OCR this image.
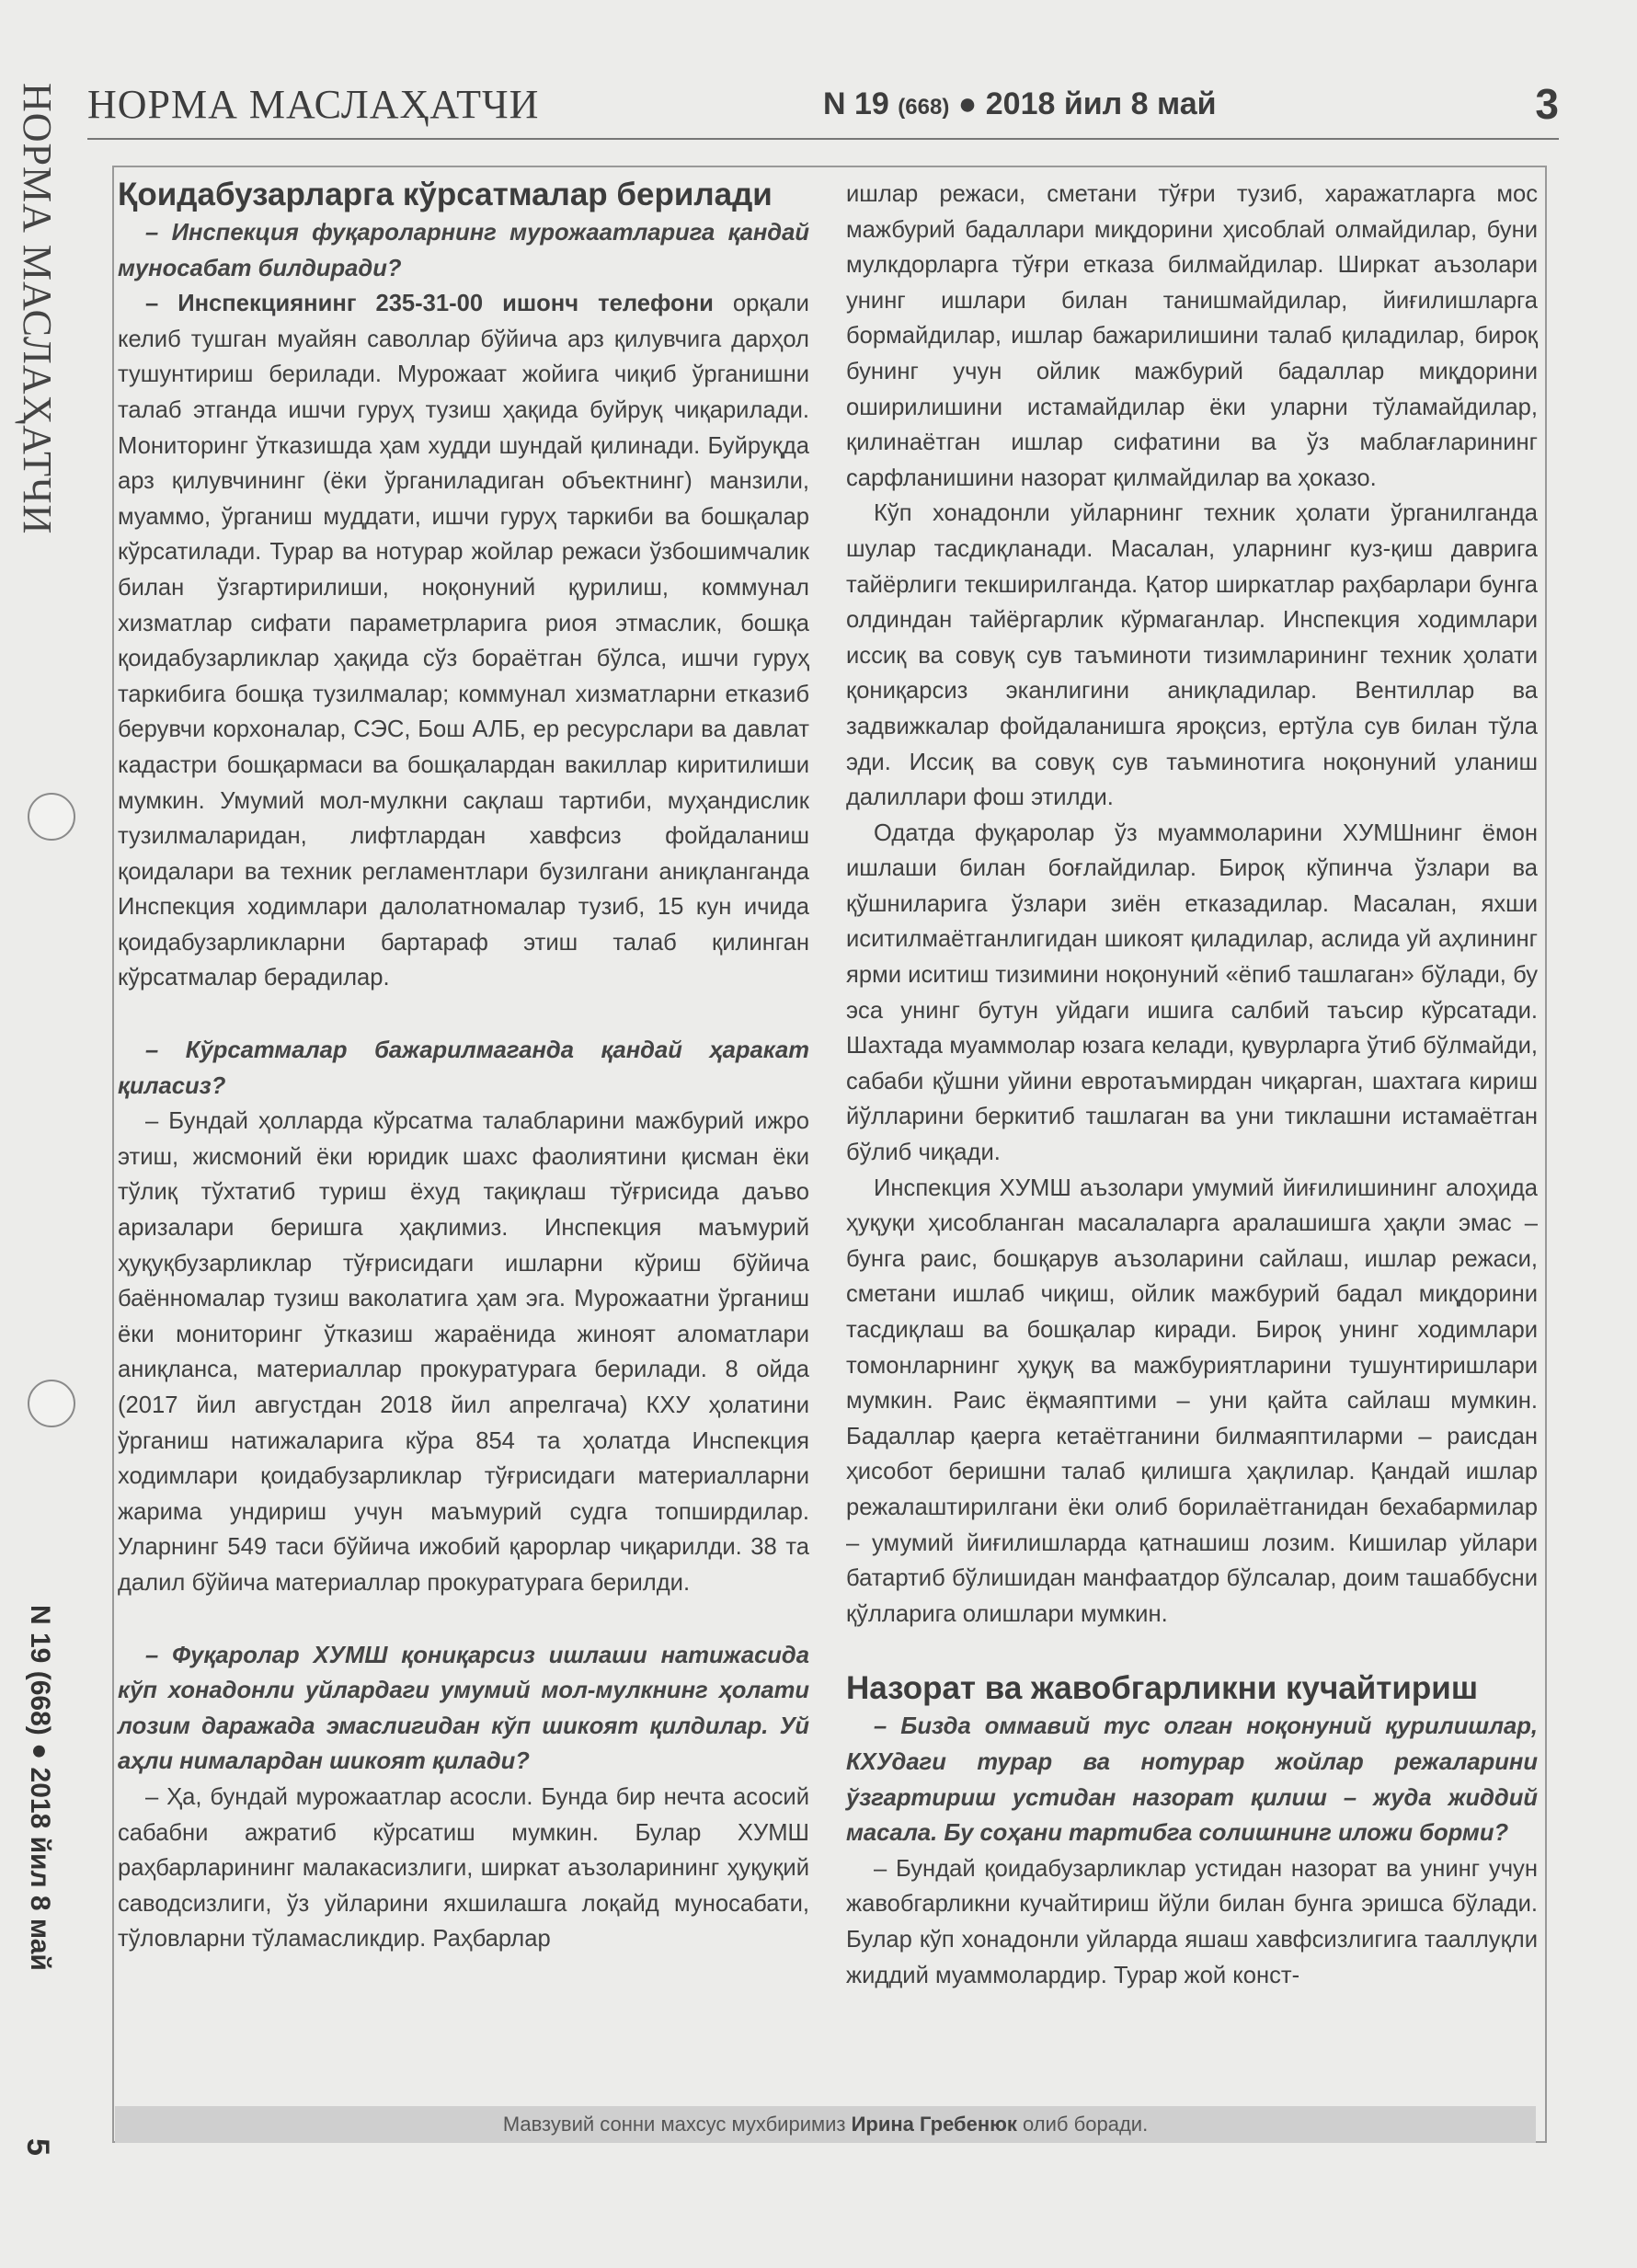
НОРМА МАСЛАҲАТЧИ
N 19 (668) ● 2018 йил 8 май
5
НОРМА МАСЛАҲАТЧИ	N 19 (668) ● 2018 йил 8 май	3
Қоидабузарларга кўрсатмалар берилади

– Инспекция фуқароларнинг мурожаатларига қандай муносабат билдиради?

– Инспекциянинг 235-31-00 ишонч телефони орқали келиб тушган муайян саволлар бўйича арз қилувчига дарҳол тушунтириш берилади. Мурожаат жойига чиқиб ўрганишни талаб этганда ишчи гуруҳ тузиш ҳақида буйруқ чиқарилади. Мониторинг ўтказишда ҳам худди шундай қилинади. Буйруқда арз қилувчининг (ёки ўрганиладиган объектнинг) манзили, муаммо, ўрганиш муддати, ишчи гуруҳ таркиби ва бошқалар кўрсатилади. Турар ва нотурар жойлар режаси ўзбошимчалик билан ўзгартирилиши, ноқонуний қурилиш, коммунал хизматлар сифати параметрларига риоя этмаслик, бошқа қоидабузарликлар ҳақида сўз бораётган бўлса, ишчи гуруҳ таркибига бошқа тузилмалар; коммунал хизматларни етказиб берувчи корхоналар, СЭС, Бош АЛБ, ер ресурслари ва давлат кадастри бошқармаси ва бошқалардан вакиллар киритилиши мумкин. Умумий мол-мулкни сақлаш тартиби, муҳандислик тузилмаларидан, лифтлардан хавфсиз фойдаланиш қоидалари ва техник регламентлари бузилгани аниқланганда Инспекция ходимлари далолатномалар тузиб, 15 кун ичида қоидабузарликларни бартараф этиш талаб қилинган кўрсатмалар берадилар.

– Кўрсатмалар бажарилмаганда қандай ҳаракат қиласиз?

– Бундай ҳолларда кўрсатма талабларини мажбурий ижро этиш, жисмоний ёки юридик шахс фаолиятини қисман ёки тўлиқ тўхтатиб туриш ёхуд тақиқлаш тўғрисида даъво аризалари беришга ҳақлимиз. Инспекция маъмурий ҳуқуқбузарликлар тўғрисидаги ишларни кўриш бўйича баённомалар тузиш ваколатига ҳам эга. Мурожаатни ўрганиш ёки мониторинг ўтказиш жараёнида жиноят аломатлари аниқланса, материаллар прокуратурага берилади. 8 ойда (2017 йил августдан 2018 йил апрелгача) КХУ ҳолатини ўрганиш натижаларига кўра 854 та ҳолатда Инспекция ходимлари қоидабузарликлар тўғрисидаги материалларни жарима ундириш учун маъмурий судга топширдилар. Уларнинг 549 таси бўйича ижобий қарорлар чиқарилди. 38 та далил бўйича материаллар прокуратурага берилди.

– Фуқаролар ХУМШ қониқарсиз ишлаши натижасида кўп хонадонли уйлардаги умумий мол-мулкнинг ҳолати лозим даражада эмаслигидан кўп шикоят қилдилар. Уй аҳли нималардан шикоят қилади?

– Ҳа, бундай мурожаатлар асосли. Бунда бир нечта асосий сабабни ажратиб кўрсатиш мумкин. Булар ХУМШ раҳбарларининг малакасизлиги, ширкат аъзоларининг ҳуқуқий саводсизлиги, ўз уйларини яхшилашга лоқайд муносабати, тўловларни тўламасликдир. Раҳбарлар

ишлар режаси, сметани тўғри тузиб, харажатларга мос мажбурий бадаллари миқдорини ҳисоблай олмайдилар, буни мулкдорларга тўғри етказа билмайдилар. Ширкат аъзолари унинг ишлари билан танишмайдилар, йиғилишларга бормайдилар, ишлар бажарилишини талаб қиладилар, бироқ бунинг учун ойлик мажбурий бадаллар миқдорини оширилишини истамайдилар ёки уларни тўламайдилар, қилинаётган ишлар сифатини ва ўз маблағларининг сарфланишини назорат қилмайдилар ва ҳоказо.

Кўп хонадонли уйларнинг техник ҳолати ўрганилганда шулар тасдиқланади. Масалан, уларнинг куз-қиш даврига тайёрлиги текширилганда. Қатор ширкатлар раҳбарлари бунга олдиндан тайёргарлик кўрмаганлар. Инспекция ходимлари иссиқ ва совуқ сув таъминоти тизимларининг техник ҳолати қониқарсиз эканлигини аниқладилар. Вентиллар ва задвижкалар фойдаланишга яроқсиз, ертўла сув билан тўла эди. Иссиқ ва совуқ сув таъминотига ноқонуний уланиш далиллари фош этилди.

Одатда фуқаролар ўз муаммоларини ХУМШнинг ёмон ишлаши билан боғлайдилар. Бироқ кўпинча ўзлари ва қўшниларига ўзлари зиён етказадилар. Масалан, яхши иситилмаётганлигидан шикоят қиладилар, аслида уй аҳлининг ярми иситиш тизимини ноқонуний «ёпиб ташлаган» бўлади, бу эса унинг бутун уйдаги ишига салбий таъсир кўрсатади. Шахтада муаммолар юзага келади, қувурларга ўтиб бўлмайди, сабаби қўшни уйини евротаъмирдан чиқарган, шахтага кириш йўлларини беркитиб ташлаган ва уни тиклашни истамаётган бўлиб чиқади.

Инспекция ХУМШ аъзолари умумий йиғилишининг алоҳида ҳуқуқи ҳисобланган масалаларга аралашишга ҳақли эмас – бунга раис, бошқарув аъзоларини сайлаш, ишлар режаси, сметани ишлаб чиқиш, ойлик мажбурий бадал миқдорини тасдиқлаш ва бошқалар киради. Бироқ унинг ходимлари томонларнинг ҳуқуқ ва мажбуриятларини тушунтиришлари мумкин. Раис ёқмаяптими – уни қайта сайлаш мумкин. Бадаллар қаерга кетаётганини билмаяптиларми – раисдан ҳисобот беришни талаб қилишга ҳақлилар. Қандай ишлар режалаштирилгани ёки олиб борилаётганидан бехабармилар – умумий йиғилишларда қатнашиш лозим. Кишилар уйлари батартиб бўлишидан манфаатдор бўлсалар, доим ташаббусни қўлларига олишлари мумкин.

Назорат ва жавобгарликни кучайтириш

– Бизда оммавий тус олган ноқонуний қурилишлар, КХУдаги турар ва нотурар жойлар режаларини ўзгартириш устидан назорат қилиш – жуда жиддий масала. Бу соҳани тартибга солишнинг иложи борми?

– Бундай қоидабузарликлар устидан назорат ва унинг учун жавобгарликни кучайтириш йўли билан бунга эришса бўлади. Булар кўп хонадонли уйларда яшаш хавфсизлигига тааллуқли жиддий муаммолардир. Турар жой конст-

Мавзувий сонни махсус мухбиримиз Ирина Гребенюк олиб боради.
